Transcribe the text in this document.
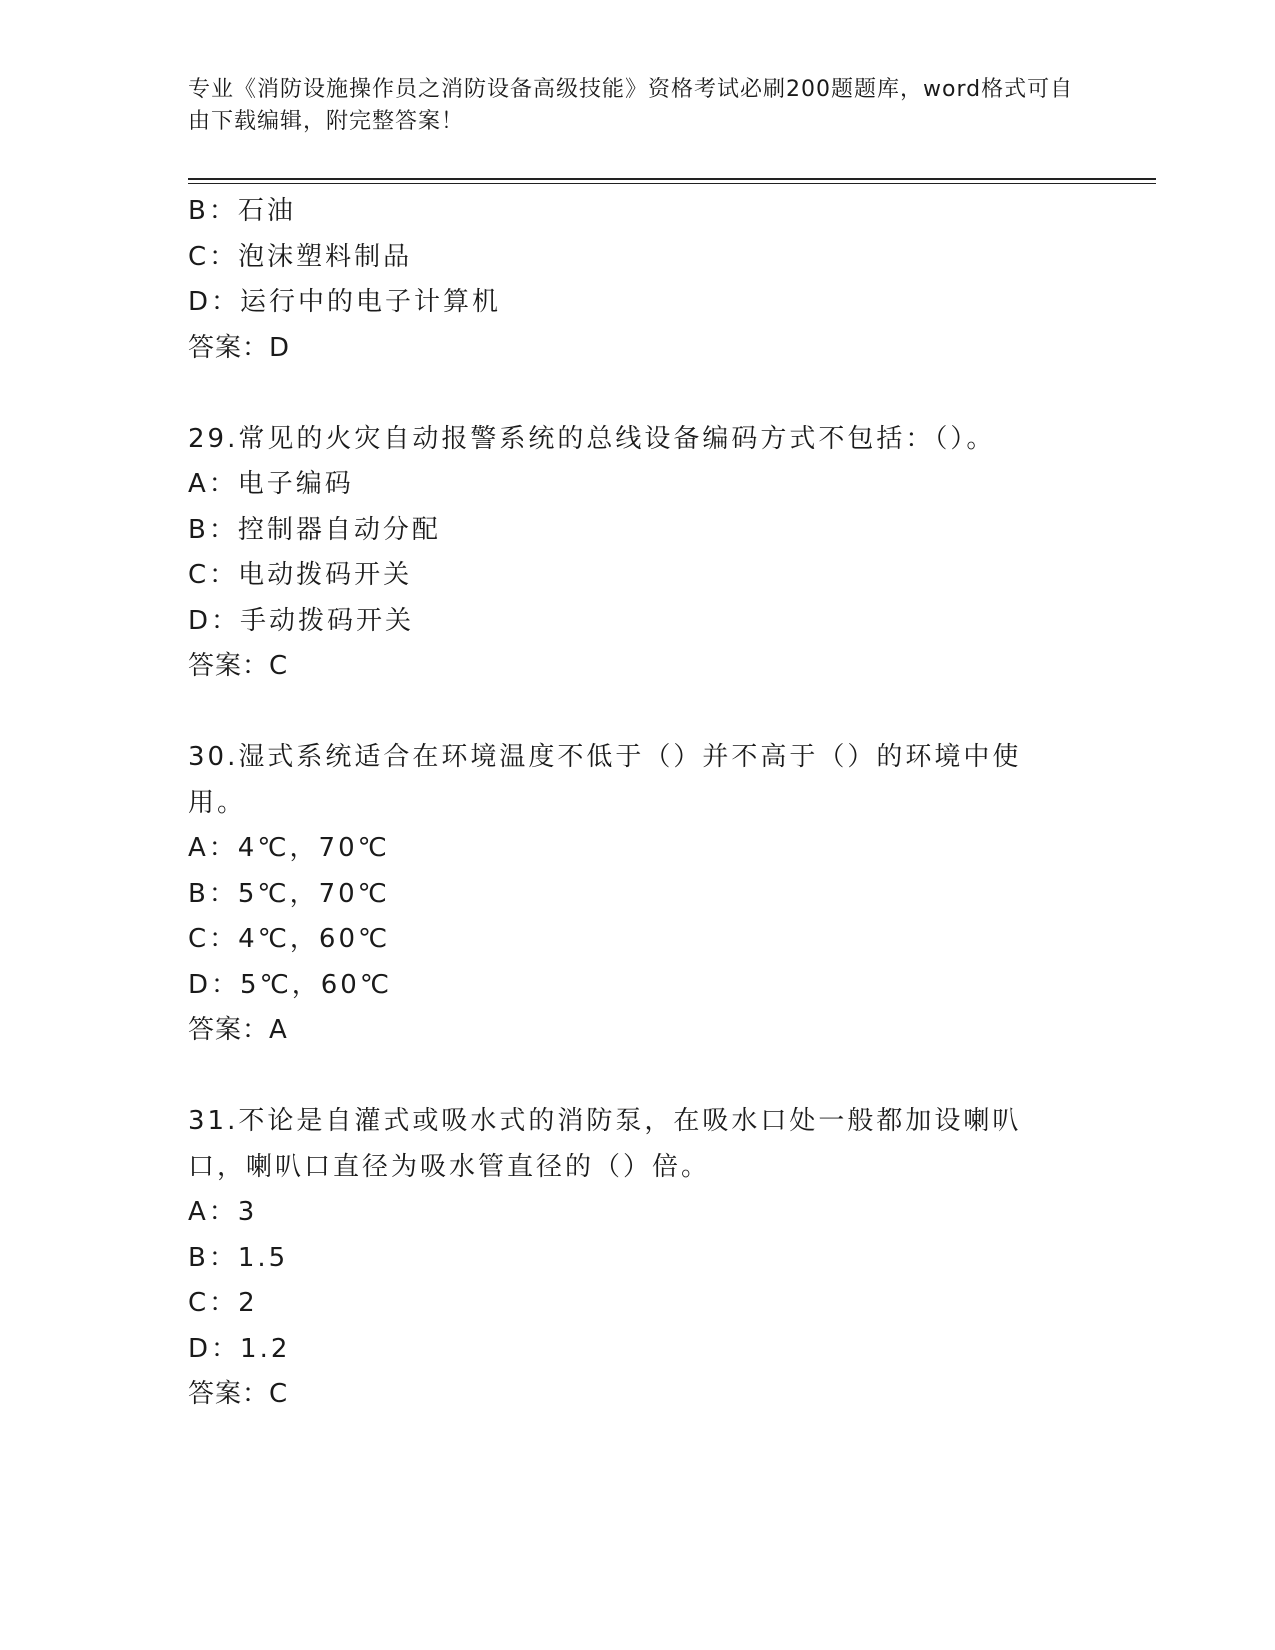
专业《消防设施操作员之消防设备高级技能》资格考试必刷200题题库，word格式可自由下载编辑，附完整答案！
B：石油
C：泡沫塑料制品
D：运行中的电子计算机
答案：D
29.常见的火灾自动报警系统的总线设备编码方式不包括：（）。
A：电子编码
B：控制器自动分配
C：电动拨码开关
D：手动拨码开关
答案：C
30.湿式系统适合在环境温度不低于（）并不高于（）的环境中使用。
A：4℃，70℃
B：5℃，70℃
C：4℃，60℃
D：5℃，60℃
答案：A
31.不论是自灌式或吸水式的消防泵，在吸水口处一般都加设喇叭口，喇叭口直径为吸水管直径的（）倍。
A：3
B：1.5
C：2
D：1.2
答案：C
